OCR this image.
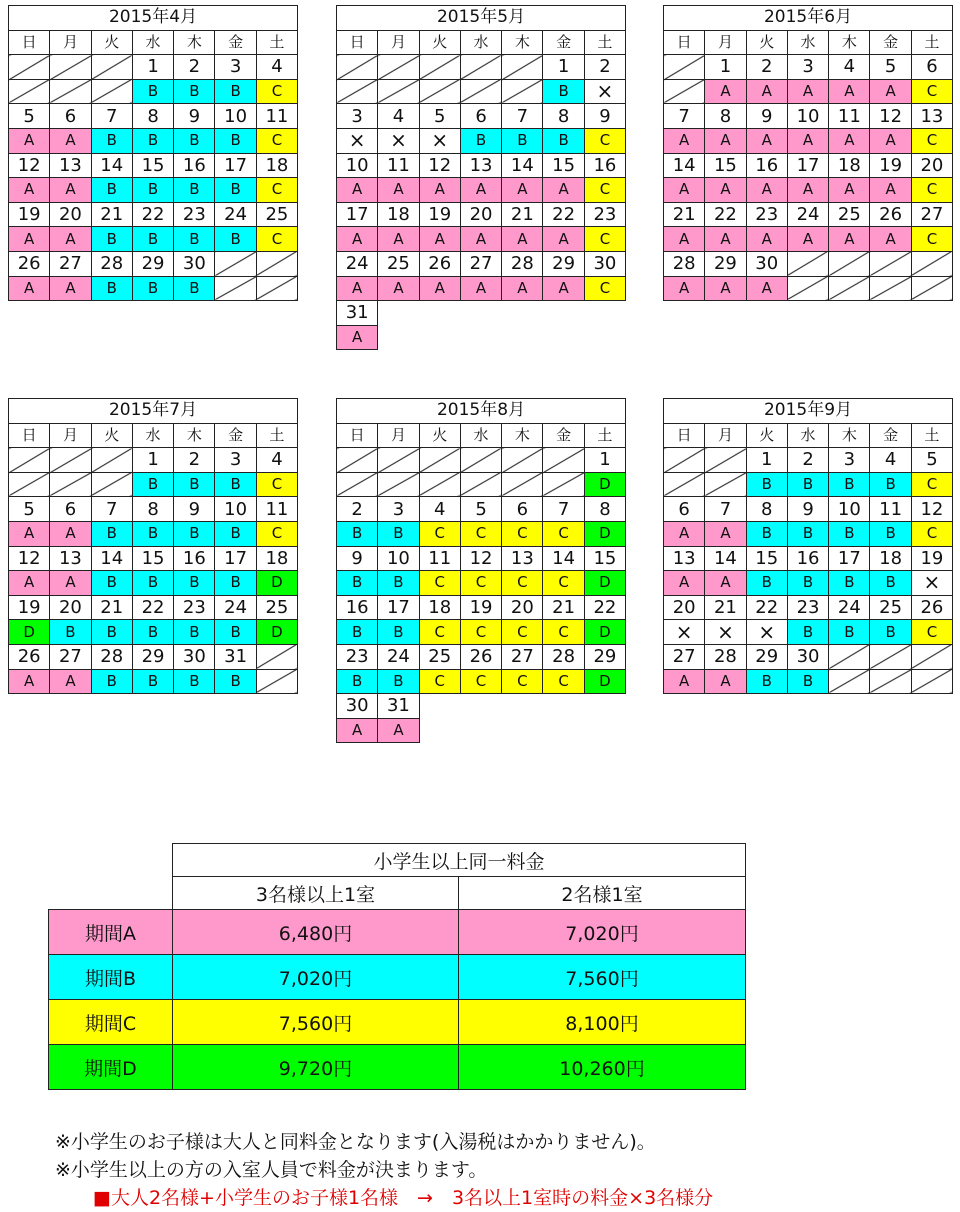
2015年4月						
日	月	火	水	木	金	土
			1	2	3	4
			B	B	B	C
5	6	7	8	9	10	11
A	A	B	B	B	B	C
12	13	14	15	16	17	18
A	A	B	B	B	B	C
19	20	21	22	23	24	25
A	A	B	B	B	B	C
26	27	28	29	30		
A	A	B	B	B		
2015年5月						
日	月	火	水	木	金	土
					1	2
					B	×
3	4	5	6	7	8	9
×	×	×	B	B	B	C
10	11	12	13	14	15	16
A	A	A	A	A	A	C
17	18	19	20	21	22	23
A	A	A	A	A	A	C
24	25	26	27	28	29	30
A	A	A	A	A	A	C
31						
A						
2015年6月						
日	月	火	水	木	金	土
	1	2	3	4	5	6
	A	A	A	A	A	C
7	8	9	10	11	12	13
A	A	A	A	A	A	C
14	15	16	17	18	19	20
A	A	A	A	A	A	C
21	22	23	24	25	26	27
A	A	A	A	A	A	C
28	29	30				
A	A	A				
2015年7月						
日	月	火	水	木	金	土
			1	2	3	4
			B	B	B	C
5	6	7	8	9	10	11
A	A	B	B	B	B	C
12	13	14	15	16	17	18
A	A	B	B	B	B	D
19	20	21	22	23	24	25
D	B	B	B	B	B	D
26	27	28	29	30	31	
A	A	B	B	B	B	
2015年8月						
日	月	火	水	木	金	土
						1
						D
2	3	4	5	6	7	8
B	B	C	C	C	C	D
9	10	11	12	13	14	15
B	B	C	C	C	C	D
16	17	18	19	20	21	22
B	B	C	C	C	C	D
23	24	25	26	27	28	29
B	B	C	C	C	C	D
30	31					
A	A					
2015年9月						
日	月	火	水	木	金	土
		1	2	3	4	5
		B	B	B	B	C
6	7	8	9	10	11	12
A	A	B	B	B	B	C
13	14	15	16	17	18	19
A	A	B	B	B	B	×
20	21	22	23	24	25	26
×	×	×	B	B	B	C
27	28	29	30			
A	A	B	B			
	小学生以上同一料金	
	3名様以上1室	2名様1室
期間A	6,480円	7,020円
期間B	7,020円	7,560円
期間C	7,560円	8,100円
期間D	9,720円	10,260円
※小学生のお子様は大人と同料金となります(入湯税はかかりません)。
※小学生以上の方の入室人員で料金が決まります。
■大人2名様+小学生のお子様1名様　→　3名以上1室時の料金×3名様分
